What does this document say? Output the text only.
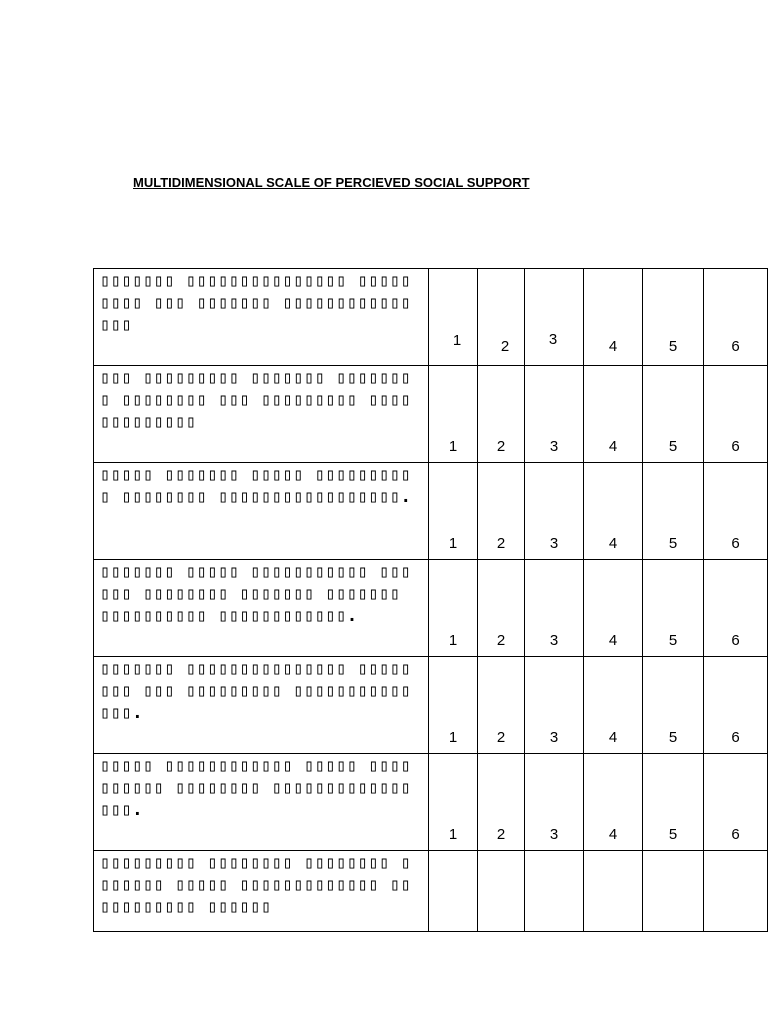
MULTIDIMENSIONAL SCALE OF PERCIEVED SOCIAL SUPPORT
▯▯▯▯▯▯▯ ▯▯▯▯▯▯▯▯▯▯▯▯▯▯▯ ▯▯▯▯▯ ▯▯▯▯ ▯▯▯ ▯▯▯▯▯▯▯ ▯▯▯▯▯▯▯▯▯▯▯▯▯▯▯	1	2	3	4	5	6

▯▯▯ ▯▯▯▯▯▯▯▯▯ ▯▯▯▯▯▯▯ ▯▯▯▯▯▯▯▯ ▯▯▯▯▯▯▯▯ ▯▯▯ ▯▯▯▯▯▯▯▯▯ ▯▯▯▯▯▯▯▯▯▯▯▯▯	1	2	3	4	5	6

▯▯▯▯▯ ▯▯▯▯▯▯▯ ▯▯▯▯▯ ▯▯▯▯▯▯▯▯▯▯ ▯▯▯▯▯▯▯▯ ▯▯▯▯▯▯▯▯▯▯▯▯▯▯▯▯▯.	1	2	3	4	5	6

▯▯▯▯▯▯▯ ▯▯▯▯▯ ▯▯▯▯▯▯▯▯▯▯▯ ▯▯▯▯▯▯ ▯▯▯▯▯▯▯▯ ▯▯▯▯▯▯▯ ▯▯▯▯▯▯▯ ▯▯▯▯▯▯▯▯▯▯ ▯▯▯▯▯▯▯▯▯▯▯▯.	1	2	3	4	5	6

▯▯▯▯▯▯▯ ▯▯▯▯▯▯▯▯▯▯▯▯▯▯▯ ▯▯▯▯▯▯▯▯ ▯▯▯ ▯▯▯▯▯▯▯▯▯ ▯▯▯▯▯▯▯▯▯▯▯▯▯▯.	1	2	3	4	5	6

▯▯▯▯▯ ▯▯▯▯▯▯▯▯▯▯▯▯ ▯▯▯▯▯ ▯▯▯▯▯▯▯▯▯▯ ▯▯▯▯▯▯▯▯ ▯▯▯▯▯▯▯▯▯▯▯▯▯▯▯▯.	1	2	3	4	5	6

▯▯▯▯▯▯▯▯▯ ▯▯▯▯▯▯▯▯ ▯▯▯▯▯▯▯▯ ▯▯▯▯▯▯▯ ▯▯▯▯▯ ▯▯▯▯▯▯▯▯▯▯▯▯▯ ▯▯▯▯▯▯▯▯▯▯▯ ▯▯▯▯▯▯						
